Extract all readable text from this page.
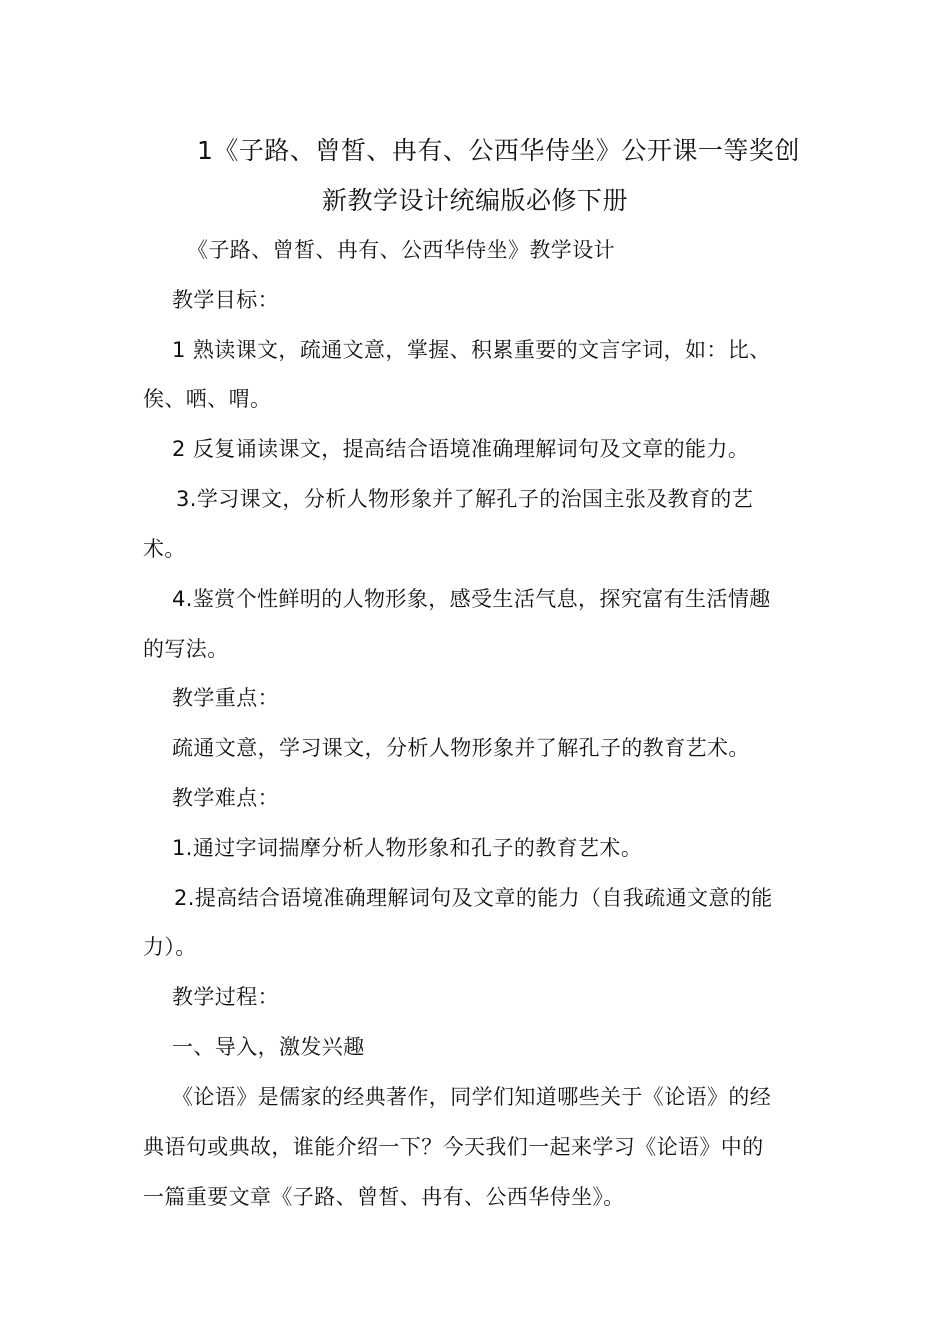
1《子路、曾皙、冉有、公西华侍坐》公开课一等奖创
新教学设计统编版必修下册
《子路、曾皙、冉有、公西华侍坐》教学设计
教学目标：
1 熟读课文，疏通文意，掌握、积累重要的文言字词，如：比、
俟、哂、喟。
2 反复诵读课文，提高结合语境准确理解词句及文章的能力。
3.学习课文，分析人物形象并了解孔子的治国主张及教育的艺
术。
4.鉴赏个性鲜明的人物形象，感受生活气息，探究富有生活情趣
的写法。
教学重点：
疏通文意，学习课文，分析人物形象并了解孔子的教育艺术。
教学难点：
1.通过字词揣摩分析人物形象和孔子的教育艺术。
2.提高结合语境准确理解词句及文章的能力（自我疏通文意的能
力）。
教学过程：
一、导入，激发兴趣
《论语》是儒家的经典著作，同学们知道哪些关于《论语》的经
典语句或典故，谁能介绍一下？今天我们一起来学习《论语》中的
一篇重要文章《子路、曾皙、冉有、公西华侍坐》。
